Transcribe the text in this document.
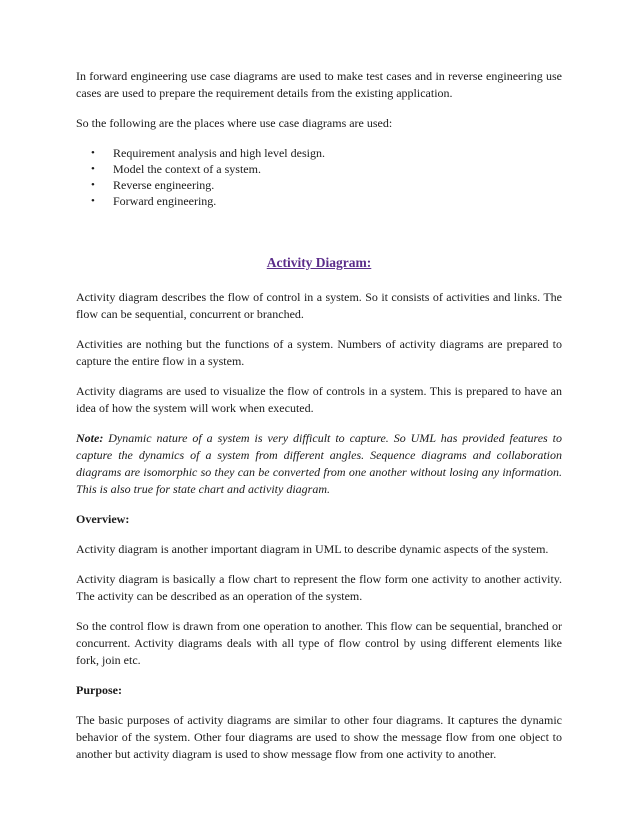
In forward engineering use case diagrams are used to make test cases and in reverse engineering use cases are used to prepare the requirement details from the existing application.

So the following are the places where use case diagrams are used:

• Requirement analysis and high level design.
• Model the context of a system.
• Reverse engineering.
• Forward engineering.
Activity Diagram:

Activity diagram describes the flow of control in a system. So it consists of activities and links. The flow can be sequential, concurrent or branched.

Activities are nothing but the functions of a system. Numbers of activity diagrams are prepared to capture the entire flow in a system.

Activity diagrams are used to visualize the flow of controls in a system. This is prepared to have an idea of how the system will work when executed.

Note: Dynamic nature of a system is very difficult to capture. So UML has provided features to capture the dynamics of a system from different angles. Sequence diagrams and collaboration diagrams are isomorphic so they can be converted from one another without losing any information. This is also true for state chart and activity diagram.

Overview:

Activity diagram is another important diagram in UML to describe dynamic aspects of the system.

Activity diagram is basically a flow chart to represent the flow form one activity to another activity. The activity can be described as an operation of the system.

So the control flow is drawn from one operation to another. This flow can be sequential, branched or concurrent. Activity diagrams deals with all type of flow control by using different elements like fork, join etc.

Purpose:

The basic purposes of activity diagrams are similar to other four diagrams. It captures the dynamic behavior of the system. Other four diagrams are used to show the message flow from one object to another but activity diagram is used to show message flow from one activity to another.
